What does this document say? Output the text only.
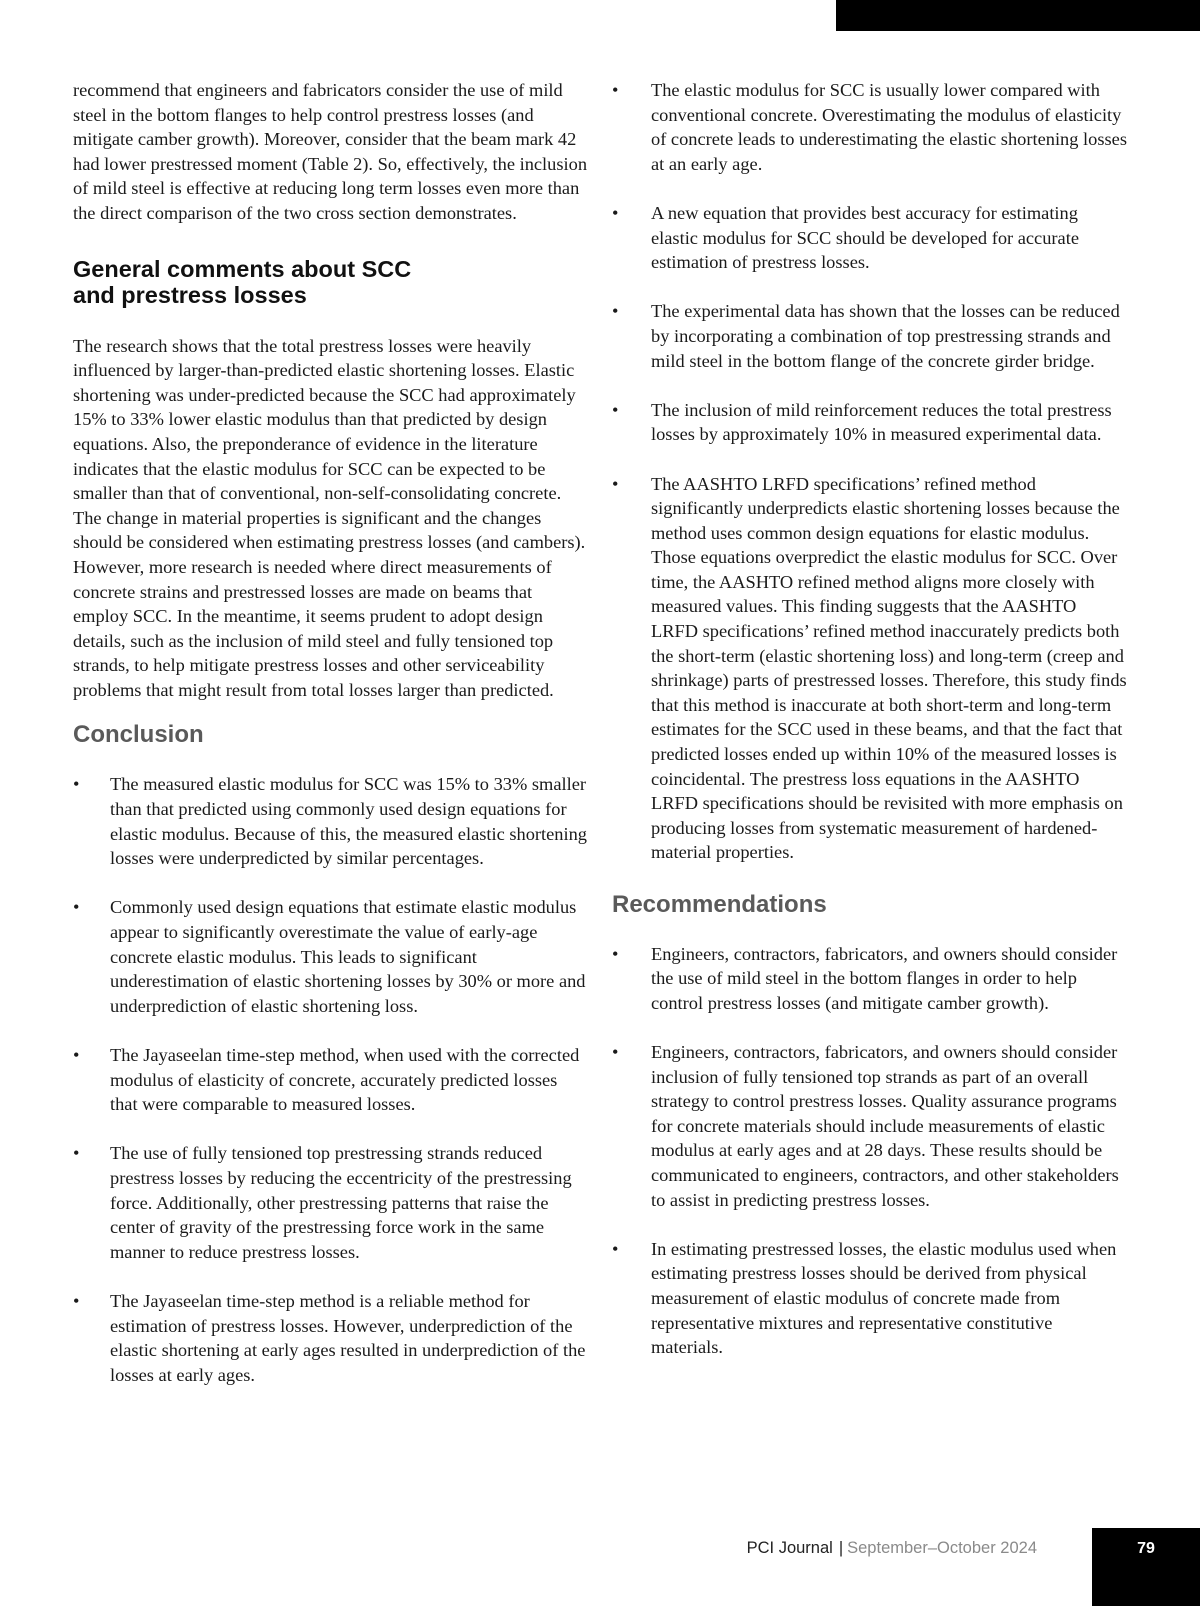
recommend that engineers and fabricators consider the use of mild steel in the bottom flanges to help control prestress losses (and mitigate camber growth). Moreover, consider that the beam mark 42 had lower prestressed moment (Table 2). So, effectively, the inclusion of mild steel is effective at reducing long term losses even more than the direct comparison of the two cross section demonstrates.

General comments about SCC
and prestress losses

The research shows that the total prestress losses were heavily influenced by larger-than-predicted elastic shortening losses. Elastic shortening was under-predicted because the SCC had approximately 15% to 33% lower elastic modulus than that predicted by design equations. Also, the preponderance of evidence in the literature indicates that the elastic modulus for SCC can be expected to be smaller than that of conventional, non-self-consolidating concrete. The change in material properties is significant and the changes should be considered when estimating prestress losses (and cambers). However, more research is needed where direct measurements of concrete strains and prestressed losses are made on beams that employ SCC. In the meantime, it seems prudent to adopt design details, such as the inclusion of mild steel and fully tensioned top strands, to help mitigate prestress losses and other serviceability problems that might result from total losses larger than predicted.

Conclusion
• The measured elastic modulus for SCC was 15% to 33% smaller than that predicted using commonly used design equations for elastic modulus. Because of this, the measured elastic shortening losses were underpredicted by similar percentages.
• Commonly used design equations that estimate elastic modulus appear to significantly overestimate the value of early-age concrete elastic modulus. This leads to significant underestimation of elastic shortening losses by 30% or more and underprediction of elastic shortening loss.
• The Jayaseelan time-step method, when used with the corrected modulus of elasticity of concrete, accurately predicted losses that were comparable to measured losses.
• The use of fully tensioned top prestressing strands reduced prestress losses by reducing the eccentricity of the prestressing force. Additionally, other prestressing patterns that raise the center of gravity of the prestressing force work in the same manner to reduce prestress losses.
• The Jayaseelan time-step method is a reliable method for estimation of prestress losses. However, underprediction of the elastic shortening at early ages resulted in underprediction of the losses at early ages.
• The elastic modulus for SCC is usually lower compared with conventional concrete. Overestimating the modulus of elasticity of concrete leads to underestimating the elastic shortening losses at an early age.
• A new equation that provides best accuracy for estimating elastic modulus for SCC should be developed for accurate estimation of prestress losses.
• The experimental data has shown that the losses can be reduced by incorporating a combination of top prestressing strands and mild steel in the bottom flange of the concrete girder bridge.
• The inclusion of mild reinforcement reduces the total prestress losses by approximately 10% in measured experimental data.
• The AASHTO LRFD specifications’ refined method significantly underpredicts elastic shortening losses because the method uses common design equations for elastic modulus. Those equations overpredict the elastic modulus for SCC. Over time, the AASHTO refined method aligns more closely with measured values. This finding suggests that the AASHTO LRFD specifications’ refined method inaccurately predicts both the short-term (elastic shortening loss) and long-term (creep and shrinkage) parts of prestressed losses. Therefore, this study finds that this method is inaccurate at both short-term and long-term estimates for the SCC used in these beams, and that the fact that predicted losses ended up within 10% of the measured losses is coincidental. The prestress loss equations in the AASHTO LRFD specifications should be revisited with more emphasis on producing losses from systematic measurement of hardened-material properties.
Recommendations
• Engineers, contractors, fabricators, and owners should consider the use of mild steel in the bottom flanges in order to help control prestress losses (and mitigate camber growth).
• Engineers, contractors, fabricators, and owners should consider inclusion of fully tensioned top strands as part of an overall strategy to control prestress losses. Quality assurance programs for concrete materials should include measurements of elastic modulus at early ages and at 28 days. These results should be communicated to engineers, contractors, and other stakeholders to assist in predicting prestress losses.
• In estimating prestressed losses, the elastic modulus used when estimating prestress losses should be derived from physical measurement of elastic modulus of concrete made from representative mixtures and representative constitutive materials.
PCI Journal | September–October 2024	79
